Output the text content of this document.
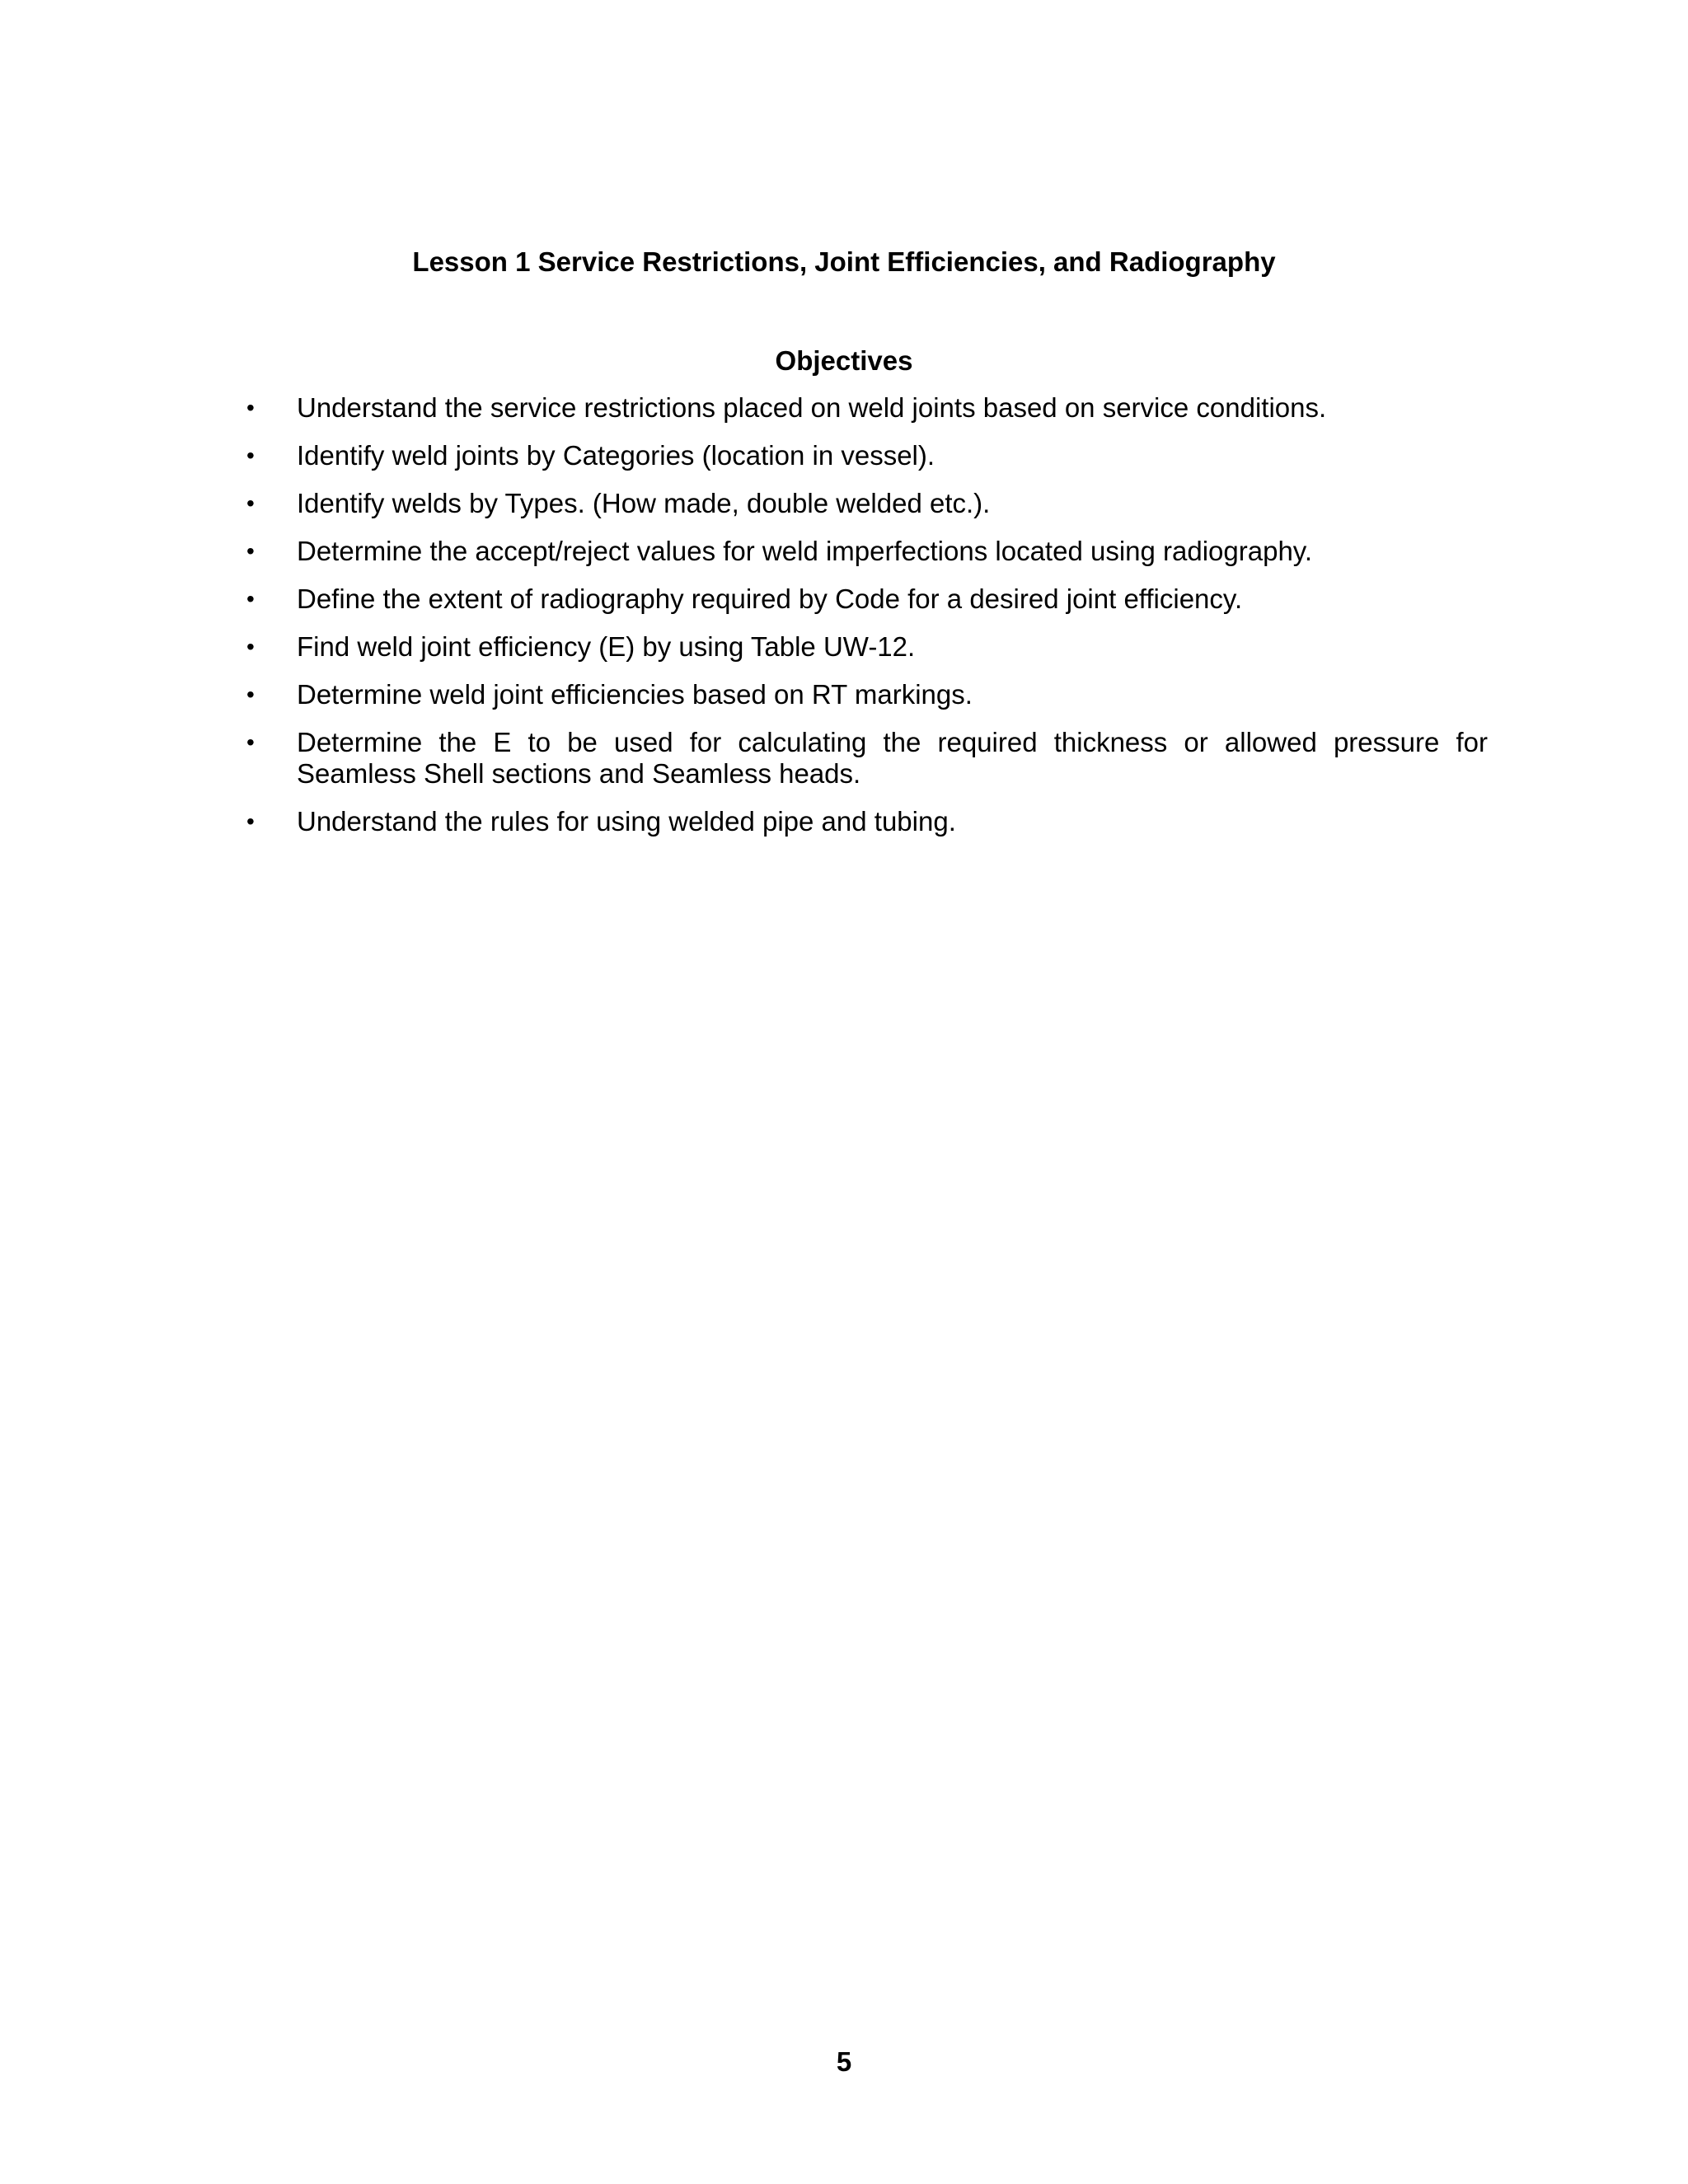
Lesson 1 Service Restrictions, Joint Efficiencies, and Radiography
Objectives
• Understand the service restrictions placed on weld joints based on service conditions.
• Identify weld joints by Categories (location in vessel).
• Identify welds by Types. (How made, double welded etc.).
• Determine the accept/reject values for weld imperfections located using radiography.
• Define the extent of radiography required by Code for a desired joint efficiency.
• Find weld joint efficiency (E) by using Table UW-12.
• Determine weld joint efficiencies based on RT markings.
• Determine the E to be used for calculating the required thickness or allowed pressure for Seamless Shell sections and Seamless heads.
• Understand the rules for using welded pipe and tubing.
5
